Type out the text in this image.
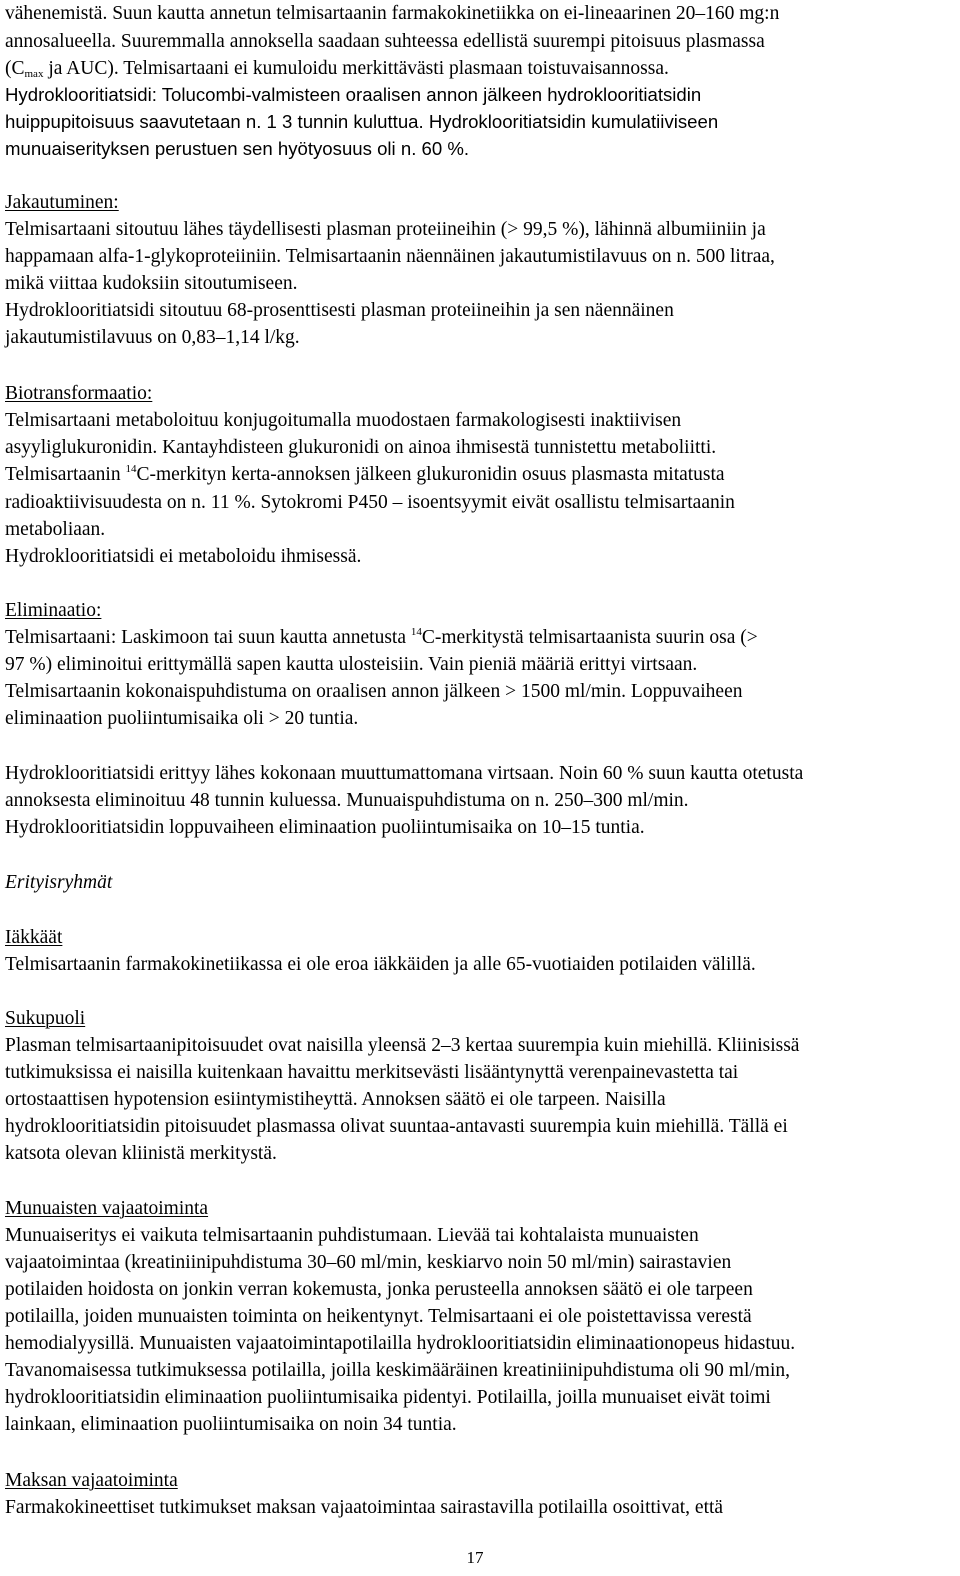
vähenemistä. Suun kautta annetun telmisartaanin farmakokinetiikka on ei-lineaarinen 20–160 mg:n
annosalueella. Suuremmalla annoksella saadaan suhteessa edellistä suurempi pitoisuus plasmassa
($C_{max}$ ja AUC). Telmisartaani ei kumuloidu merkittävästi plasmaan toistuvaisannossa.
Hydroklooritiatsidi: Tolucombi-valmisteen oraalisen annon jälkeen hydroklooritiatsidin
huippupitoisuus saavutetaan n. 1 3 tunnin kuluttua. Hydroklooritiatsidin kumulatiiviseen
munuaiserityksen perustuen sen hyötyosuus oli n. 60 %.
Jakautuminen:
Telmisartaani sitoutuu lähes täydellisesti plasman proteiineihin (> 99,5 %), lähinnä albumiiniin ja
happamaan alfa-1-glykoproteiiniin. Telmisartaanin näennäinen jakautumistilavuus on n. 500 litraa,
mikä viittaa kudoksiin sitoutumiseen.
Hydroklooritiatsidi sitoutuu 68-prosenttisesti plasman proteiineihin ja sen näennäinen
jakautumistilavuus on 0,83–1,14 l/kg.
Biotransformaatio:
Telmisartaani metaboloituu konjugoitumalla muodostaen farmakologisesti inaktiivisen
asyyliglukuronidin. Kantayhdisteen glukuronidi on ainoa ihmisestä tunnistettu metaboliitti.
Telmisartaanin $^{14}$C-merkityn kerta-annoksen jälkeen glukuronidin osuus plasmasta mitatusta
radioaktiivisuudesta on n. 11 %. Sytokromi P450 – isoentsyymit eivät osallistu telmisartaanin
metaboliaan.
Hydroklooritiatsidi ei metaboloidu ihmisessä.
Eliminaatio:
Telmisartaani: Laskimoon tai suun kautta annetusta $^{14}$C-merkitystä telmisartaanista suurin osa (>
97 %) eliminoitui erittymällä sapen kautta ulosteisiin. Vain pieniä määriä erittyi virtsaan.
Telmisartaanin kokonaispuhdistuma on oraalisen annon jälkeen > 1500 ml/min. Loppuvaiheen
eliminaation puoliintumisaika oli > 20 tuntia.
Hydroklooritiatsidi erittyy lähes kokonaan muuttumattomana virtsaan. Noin 60 % suun kautta otetusta
annoksesta eliminoituu 48 tunnin kuluessa. Munuaispuhdistuma on n. 250–300 ml/min.
Hydroklooritiatsidin loppuvaiheen eliminaation puoliintumisaika on 10–15 tuntia.
Erityisryhmät
Iäkkäät
Telmisartaanin farmakokinetiikassa ei ole eroa iäkkäiden ja alle 65-vuotiaiden potilaiden välillä.
Sukupuoli
Plasman telmisartaanipitoisuudet ovat naisilla yleensä 2–3 kertaa suurempia kuin miehillä. Kliinisissä
tutkimuksissa ei naisilla kuitenkaan havaittu merkitsevästi lisääntynyttä verenpainevastetta tai
ortostaattisen hypotension esiintymistiheyttä. Annoksen säätö ei ole tarpeen. Naisilla
hydroklooritiatsidin pitoisuudet plasmassa olivat suuntaa-antavasti suurempia kuin miehillä. Tällä ei
katsota olevan kliinistä merkitystä.
Munuaisten vajaatoiminta
Munuaiseritys ei vaikuta telmisartaanin puhdistumaan. Lievää tai kohtalaista munuaisten
vajaatoimintaa (kreatiniinipuhdistuma 30–60 ml/min, keskiarvo noin 50 ml/min) sairastavien
potilaiden hoidosta on jonkin verran kokemusta, jonka perusteella annoksen säätö ei ole tarpeen
potilailla, joiden munuaisten toiminta on heikentynyt. Telmisartaani ei ole poistettavissa verestä
hemodialyysillä. Munuaisten vajaatoimintapotilailla hydroklooritiatsidin eliminaationopeus hidastuu.
Tavanomaisessa tutkimuksessa potilailla, joilla keskimääräinen kreatiniinipuhdistuma oli 90 ml/min,
hydroklooritiatsidin eliminaation puoliintumisaika pidentyi. Potilailla, joilla munuaiset eivät toimi
lainkaan, eliminaation puoliintumisaika on noin 34 tuntia.
Maksan vajaatoiminta
Farmakokineettiset tutkimukset maksan vajaatoimintaa sairastavilla potilailla osoittivat, että
17
